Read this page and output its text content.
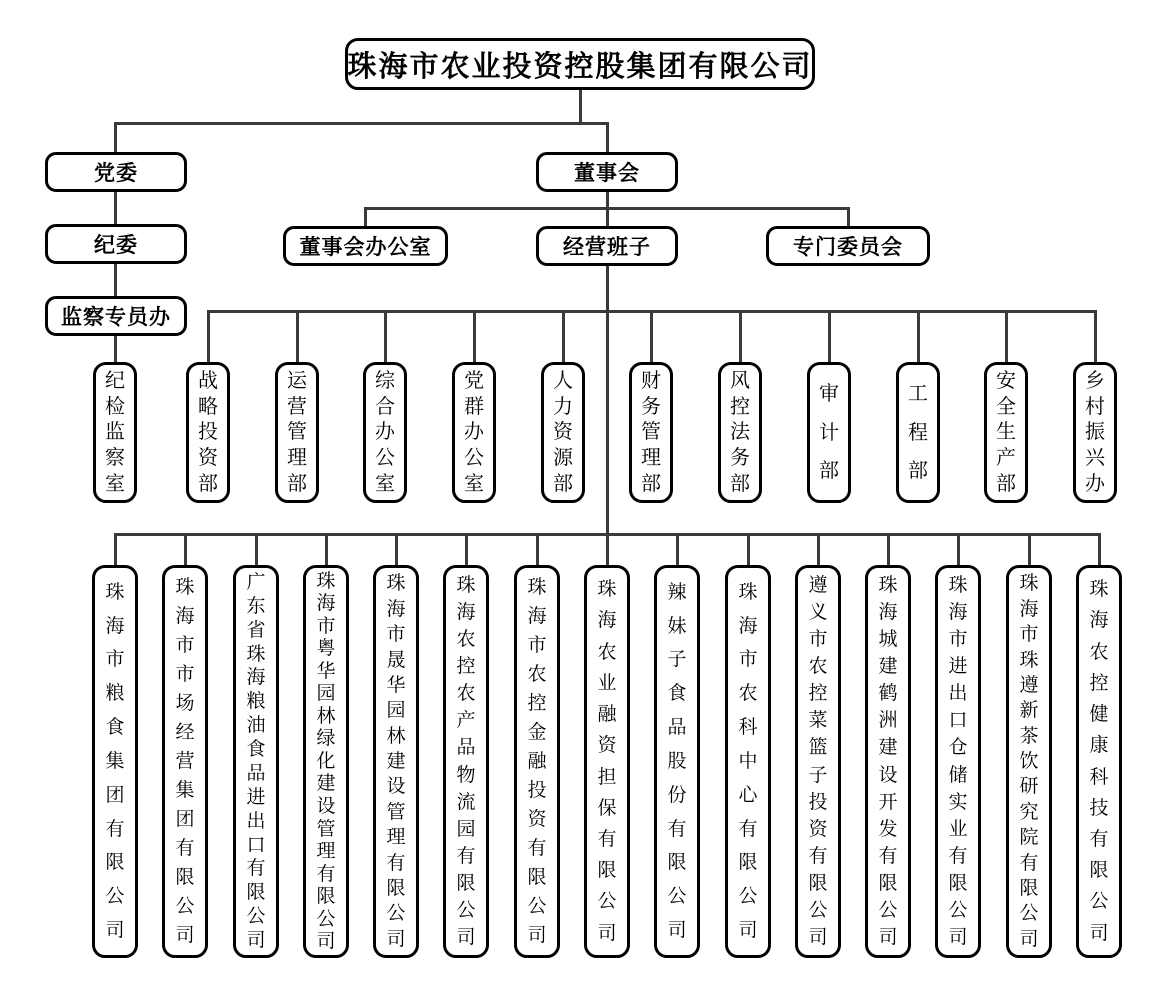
珠海市农业投资控股集团有限公司
党委
纪委
监察专员办
董事会
董事会办公室	经营班子	专门委员会
纪
检
监
察
室
战
略
投
资
部
运
营
管
理
部
综
合
办
公
室
党
群
办
公
室
人
力
资
源
部
财
务
管
理
部
风
控
法
务
部
审
计
部
工
程
部
安
全
生
产
部
乡
村
振
兴
办
珠
海
市
粮
食
集
团
有
限
公
司
珠
海
市
市
场
经
营
集
团
有
限
公
司
广
东
省
珠
海
粮
油
食
品
进
出
口
有
限
公
司
珠
海
市
粤
华
园
林
绿
化
建
设
管
理
有
限
公
司
珠
海
市
晟
华
园
林
建
设
管
理
有
限
公
司
珠
海
农
控
农
产
品
物
流
园
有
限
公
司
珠
海
市
农
控
金
融
投
资
有
限
公
司
珠
海
农
业
融
资
担
保
有
限
公
司
辣
妹
子
食
品
股
份
有
限
公
司
珠
海
市
农
科
中
心
有
限
公
司
遵
义
市
农
控
菜
篮
子
投
资
有
限
公
司
珠
海
城
建
鹤
洲
建
设
开
发
有
限
公
司
珠
海
市
进
出
口
仓
储
实
业
有
限
公
司
珠
海
市
珠
遵
新
茶
饮
研
究
院
有
限
公
司
珠
海
农
控
健
康
科
技
有
限
公
司
